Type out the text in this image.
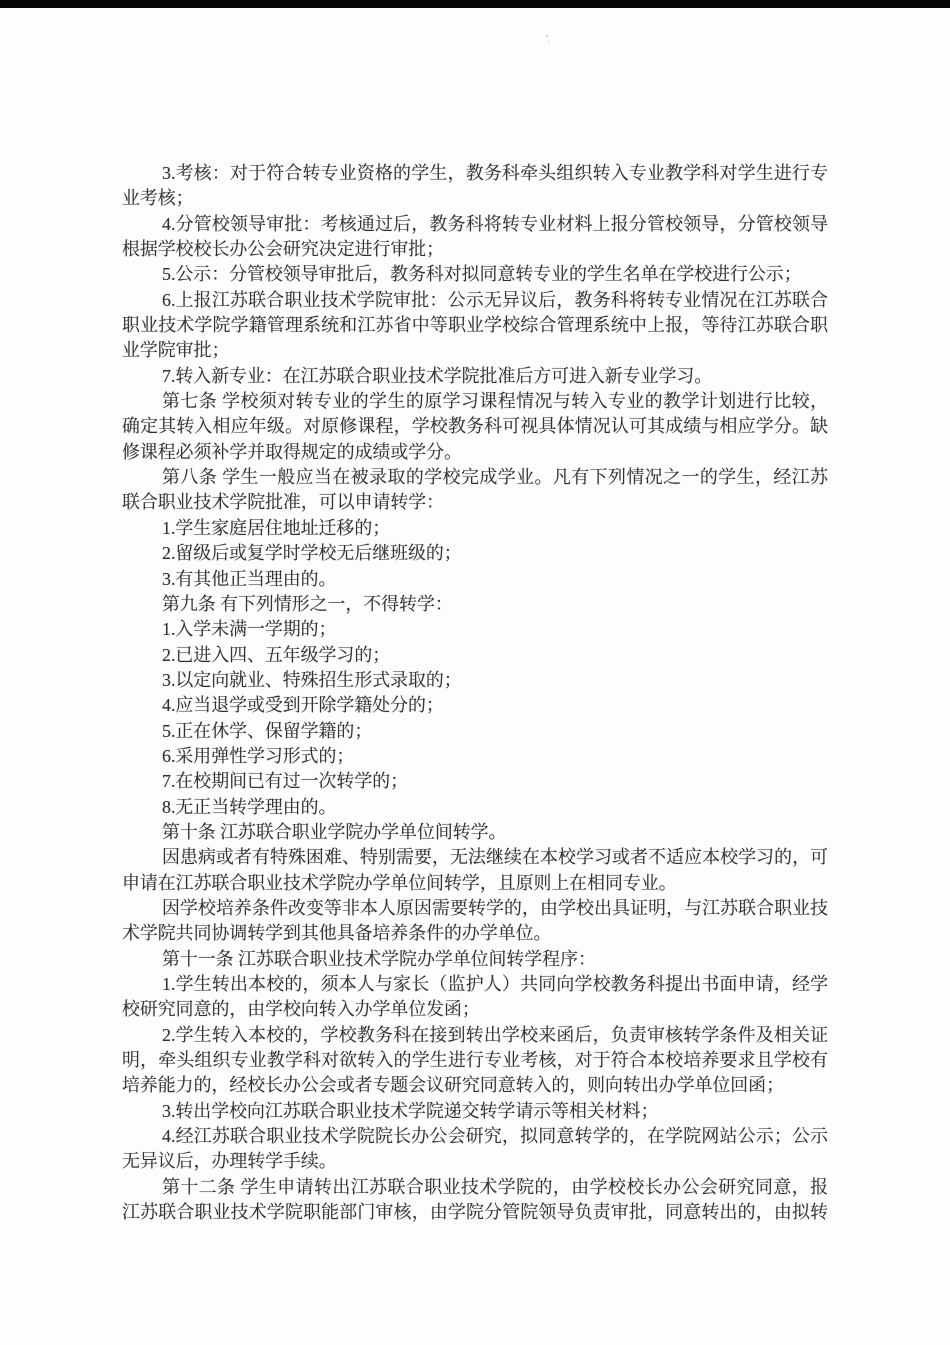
3.考核：对于符合转专业资格的学生，教务科牵头组织转入专业教学科对学生进行专
业考核；
4.分管校领导审批：考核通过后，教务科将转专业材料上报分管校领导，分管校领导
根据学校校长办公会研究决定进行审批；
5.公示：分管校领导审批后，教务科对拟同意转专业的学生名单在学校进行公示；
6.上报江苏联合职业技术学院审批：公示无异议后，教务科将转专业情况在江苏联合
职业技术学院学籍管理系统和江苏省中等职业学校综合管理系统中上报，等待江苏联合职
业学院审批；
7.转入新专业：在江苏联合职业技术学院批准后方可进入新专业学习。
第七条 学校须对转专业的学生的原学习课程情况与转入专业的教学计划进行比较，
确定其转入相应年级。对原修课程，学校教务科可视具体情况认可其成绩与相应学分。缺
修课程必须补学并取得规定的成绩或学分。
第八条 学生一般应当在被录取的学校完成学业。凡有下列情况之一的学生，经江苏
联合职业技术学院批准，可以申请转学：
1.学生家庭居住地址迁移的；
2.留级后或复学时学校无后继班级的；
3.有其他正当理由的。
第九条 有下列情形之一，不得转学：
1.入学未满一学期的；
2.已进入四、五年级学习的；
3.以定向就业、特殊招生形式录取的；
4.应当退学或受到开除学籍处分的；
5.正在休学、保留学籍的；
6.采用弹性学习形式的；
7.在校期间已有过一次转学的；
8.无正当转学理由的。
第十条 江苏联合职业学院办学单位间转学。
因患病或者有特殊困难、特别需要，无法继续在本校学习或者不适应本校学习的，可
申请在江苏联合职业技术学院办学单位间转学，且原则上在相同专业。
因学校培养条件改变等非本人原因需要转学的，由学校出具证明，与江苏联合职业技
术学院共同协调转学到其他具备培养条件的办学单位。
第十一条 江苏联合职业技术学院办学单位间转学程序：
1.学生转出本校的，须本人与家长（监护人）共同向学校教务科提出书面申请，经学
校研究同意的，由学校向转入办学单位发函；
2.学生转入本校的，学校教务科在接到转出学校来函后，负责审核转学条件及相关证
明，牵头组织专业教学科对欲转入的学生进行专业考核，对于符合本校培养要求且学校有
培养能力的，经校长办公会或者专题会议研究同意转入的，则向转出办学单位回函；
3.转出学校向江苏联合职业技术学院递交转学请示等相关材料；
4.经江苏联合职业技术学院院长办公会研究，拟同意转学的，在学院网站公示；公示
无异议后，办理转学手续。
第十二条 学生申请转出江苏联合职业技术学院的，由学校校长办公会研究同意，报
江苏联合职业技术学院职能部门审核，由学院分管院领导负责审批，同意转出的，由拟转
